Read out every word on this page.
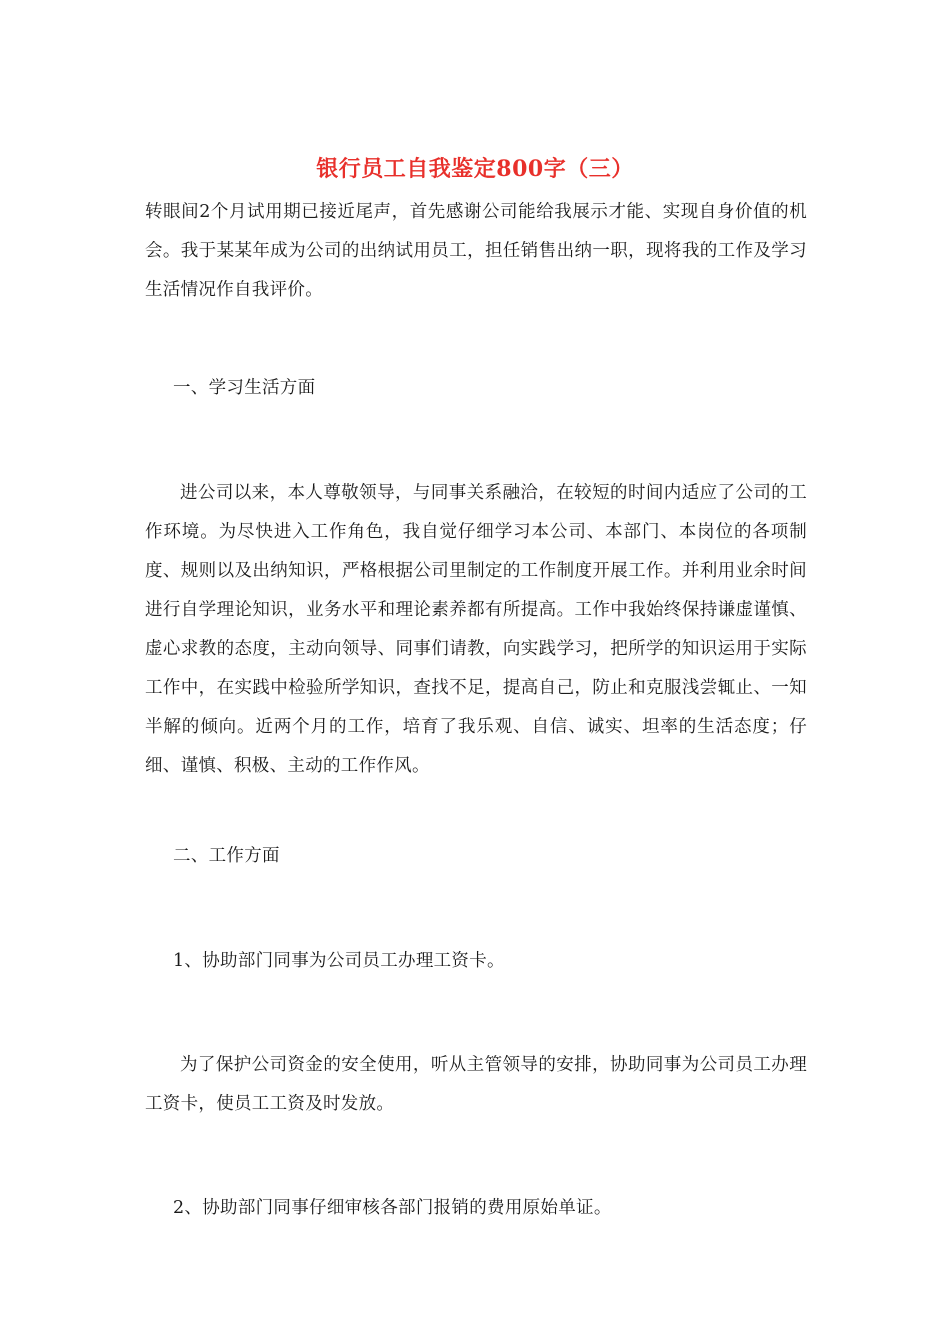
银行员工自我鉴定800字（三）

转眼间2个月试用期已接近尾声，首先感谢公司能给我展示才能、实现自身价值的机会。我于某某年成为公司的出纳试用员工，担任销售出纳一职，现将我的工作及学习生活情况作自我评价。

一、学习生活方面

进公司以来，本人尊敬领导，与同事关系融洽，在较短的时间内适应了公司的工作环境。为尽快进入工作角色，我自觉仔细学习本公司、本部门、本岗位的各项制度、规则以及出纳知识，严格根据公司里制定的工作制度开展工作。并利用业余时间进行自学理论知识，业务水平和理论素养都有所提高。工作中我始终保持谦虚谨慎、虚心求教的态度，主动向领导、同事们请教，向实践学习，把所学的知识运用于实际工作中，在实践中检验所学知识，查找不足，提高自己，防止和克服浅尝辄止、一知半解的倾向。近两个月的工作，培育了我乐观、自信、诚实、坦率的生活态度；仔细、谨慎、积极、主动的工作作风。

二、工作方面

1、协助部门同事为公司员工办理工资卡。

为了保护公司资金的安全使用，听从主管领导的安排，协助同事为公司员工办理工资卡，使员工工资及时发放。

2、协助部门同事仔细审核各部门报销的费用原始单证。
